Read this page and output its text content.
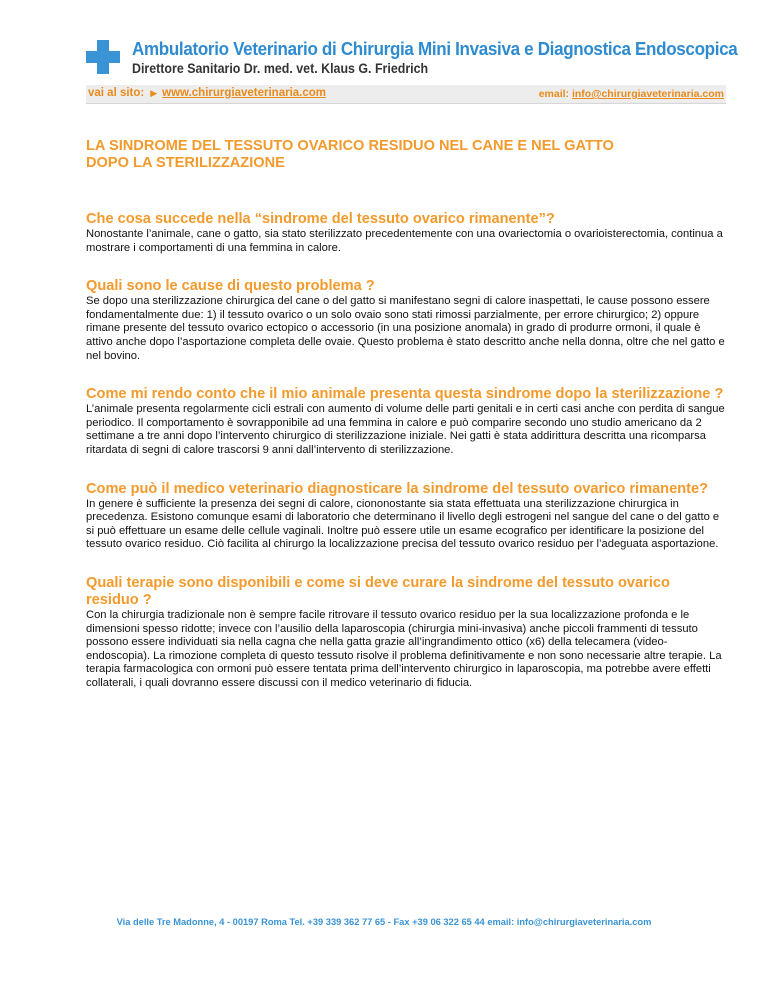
Ambulatorio Veterinario di Chirurgia Mini Invasiva e Diagnostica Endoscopica
Direttore Sanitario Dr. med. vet. Klaus G. Friedrich
vai al sito: ▶ www.chirurgiaveterinaria.com	email: info@chirurgiaveterinaria.com
LA SINDROME DEL TESSUTO OVARICO RESIDUO NEL CANE E NEL GATTO
DOPO LA STERILIZZAZIONE
Che cosa succede nella “sindrome del tessuto ovarico rimanente”?

Nonostante l’animale, cane o gatto, sia stato sterilizzato precedentemente con una ovariectomia o ovarioisterectomia, continua a mostrare i comportamenti di una femmina in calore.

Quali sono le cause di questo problema ?

Se dopo una sterilizzazione chirurgica del cane o del gatto si manifestano segni di calore inaspettati, le cause possono essere fondamentalmente due: 1) il tessuto ovarico o un solo ovaio sono stati rimossi parzialmente, per errore chirurgico; 2) oppure rimane presente del tessuto ovarico ectopico o accessorio (in una posizione anomala) in grado di produrre ormoni, il quale è attivo anche dopo l’asportazione completa delle ovaie. Questo problema è stato descritto anche nella donna, oltre che nel gatto e nel bovino.

Come mi rendo conto che il mio animale presenta questa sindrome dopo la sterilizzazione ?

L’animale presenta regolarmente cicli estrali con aumento di volume delle parti genitali e in certi casi anche con perdita di sangue periodico. Il comportamento è sovrapponibile ad una femmina in calore e può comparire secondo uno studio americano da 2 settimane a tre anni dopo l’intervento chirurgico di sterilizzazione iniziale. Nei gatti è stata addirittura descritta una ricomparsa ritardata di segni di calore trascorsi 9 anni dall’intervento di sterilizzazione.

Come può il medico veterinario diagnosticare la sindrome del tessuto ovarico rimanente?

In genere è sufficiente la presenza dei segni di calore, ciononostante sia stata effettuata una sterilizzazione chirurgica in precedenza. Esistono comunque esami di laboratorio che determinano il livello degli estrogeni nel sangue del cane o del gatto e si può effettuare un esame delle cellule vaginali. Inoltre può essere utile un esame ecografico per identificare la posizione del tessuto ovarico residuo. Ciò facilita al chirurgo la localizzazione precisa del tessuto ovarico residuo per l’adeguata asportazione.

Quali terapie sono disponibili e come si deve curare la sindrome del tessuto ovarico residuo ?

Con la chirurgia tradizionale non è sempre facile ritrovare il tessuto ovarico residuo per la sua localizzazione profonda e le dimensioni spesso ridotte; invece con l’ausilio della laparoscopia (chirurgia mini-invasiva) anche piccoli frammenti di tessuto possono essere individuati sia nella cagna che nella gatta grazie all’ingrandimento ottico (x6) della telecamera (video-endoscopia). La rimozione completa di questo tessuto risolve il problema definitivamente e non sono necessarie altre terapie. La terapia farmacologica con ormoni può essere tentata prima dell’intervento chirurgico in laparoscopia, ma potrebbe avere effetti collaterali, i quali dovranno essere discussi con il medico veterinario di fiducia.

Via delle Tre Madonne, 4 - 00197 Roma Tel. +39 339 362 77 65 - Fax +39 06 322 65 44 email: info@chirurgiaveterinaria.com
